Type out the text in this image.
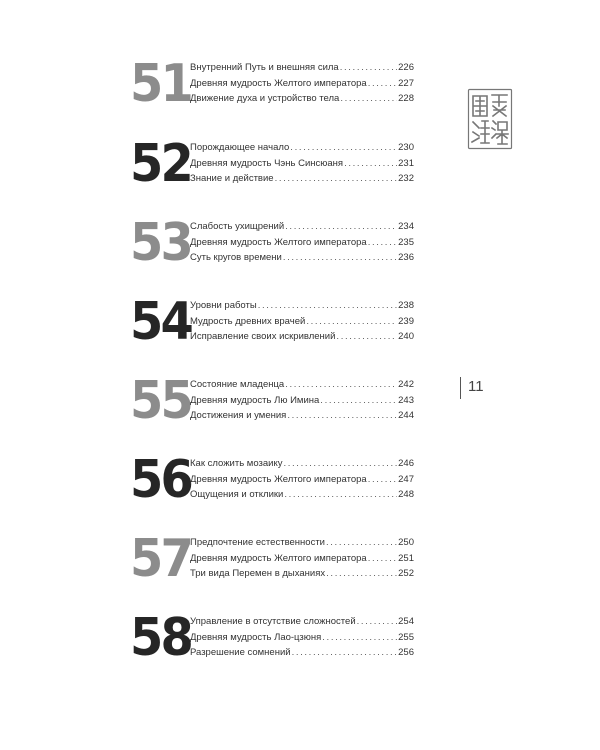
51
Внутренний Путь и внешняя сила . . .	226
Древняя мудрость Желтого императора . . .	227
Движение духа и устройство тела . . .	228
52
Порождающее начало . . .	230
Древняя мудрость Чэнь Синсюаня . . .	231
Знание и действие . . .	232
53
Слабость ухищрений . . .	234
Древняя мудрость Желтого императора . . .	235
Суть кругов времени . . .	236
54
Уровни работы . . .	238
Мудрость древних врачей . . .	239
Исправление своих искривлений . . .	240
55
Состояние младенца . . .	242
Древняя мудрость Лю Имина . . .	243
Достижения и умения . . .	244
56
Как сложить мозаику . . .	246
Древняя мудрость Желтого императора . . .	247
Ощущения и отклики . . .	248
57
Предпочтение естественности . . .	250
Древняя мудрость Желтого императора . . .	251
Три вида Перемен в дыханиях . . .	252
58
Управление в отсутствие сложностей . . .	254
Древняя мудрость Лао-цзюня . . .	255
Разрешение сомнений . . .	256
11
